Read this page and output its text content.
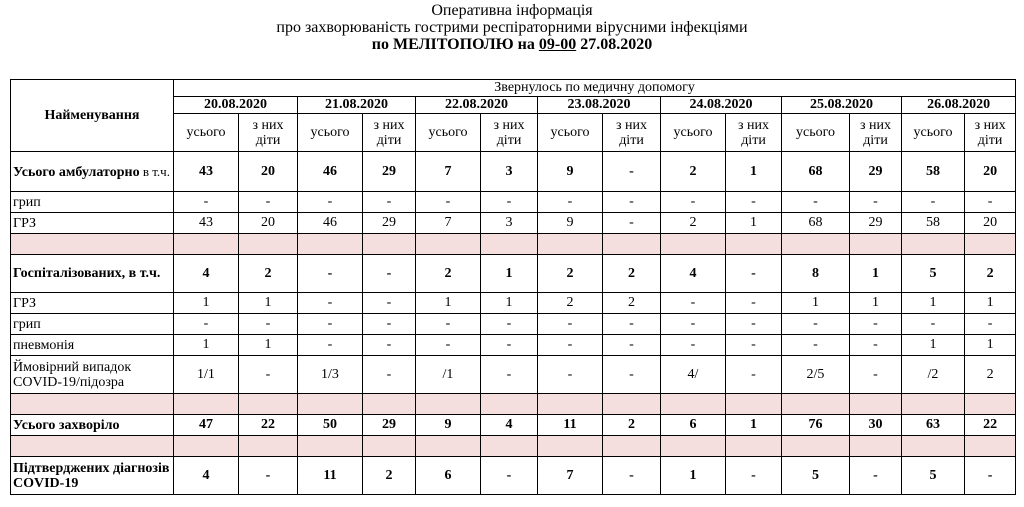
Оперативна інформація
про захворюваність гострими респіраторними вірусними інфекціями
по МЕЛІТОПОЛЮ на 09-00 27.08.2020
Найменування	Звернулось по медичну допомогу													
	20.08.2020		21.08.2020		22.08.2020		23.08.2020		24.08.2020		25.08.2020		26.08.2020	
	усього	з них діти	усього	з них діти	усього	з них діти	усього	з них діти	усього	з них діти	усього	з них діти	усього	з них діти
Усього амбулаторно в т.ч.	43	20	46	29	7	3	9	-	2	1	68	29	58	20
грип	-	-	-	-	-	-	-	-	-	-	-	-	-	-
ГРЗ	43	20	46	29	7	3	9	-	2	1	68	29	58	20

Госпіталізованих, в т.ч.	4	2	-	-	2	1	2	2	4	-	8	1	5	2
ГРЗ	1	1	-	-	1	1	2	2	-	-	1	1	1	1
грип	-	-	-	-	-	-	-	-	-	-	-	-	-	-
пневмонія	1	1	-	-	-	-	-	-	-	-	-	-	1	1
Ймовірний випадок COVID-19/підозра	1/1	-	1/3	-	/1	-	-	-	4/	-	2/5	-	/2	2

Усього захворіло	47	22	50	29	9	4	11	2	6	1	76	30	63	22

Підтверджених діагнозів COVID-19	4	-	11	2	6	-	7	-	1	-	5	-	5	-
